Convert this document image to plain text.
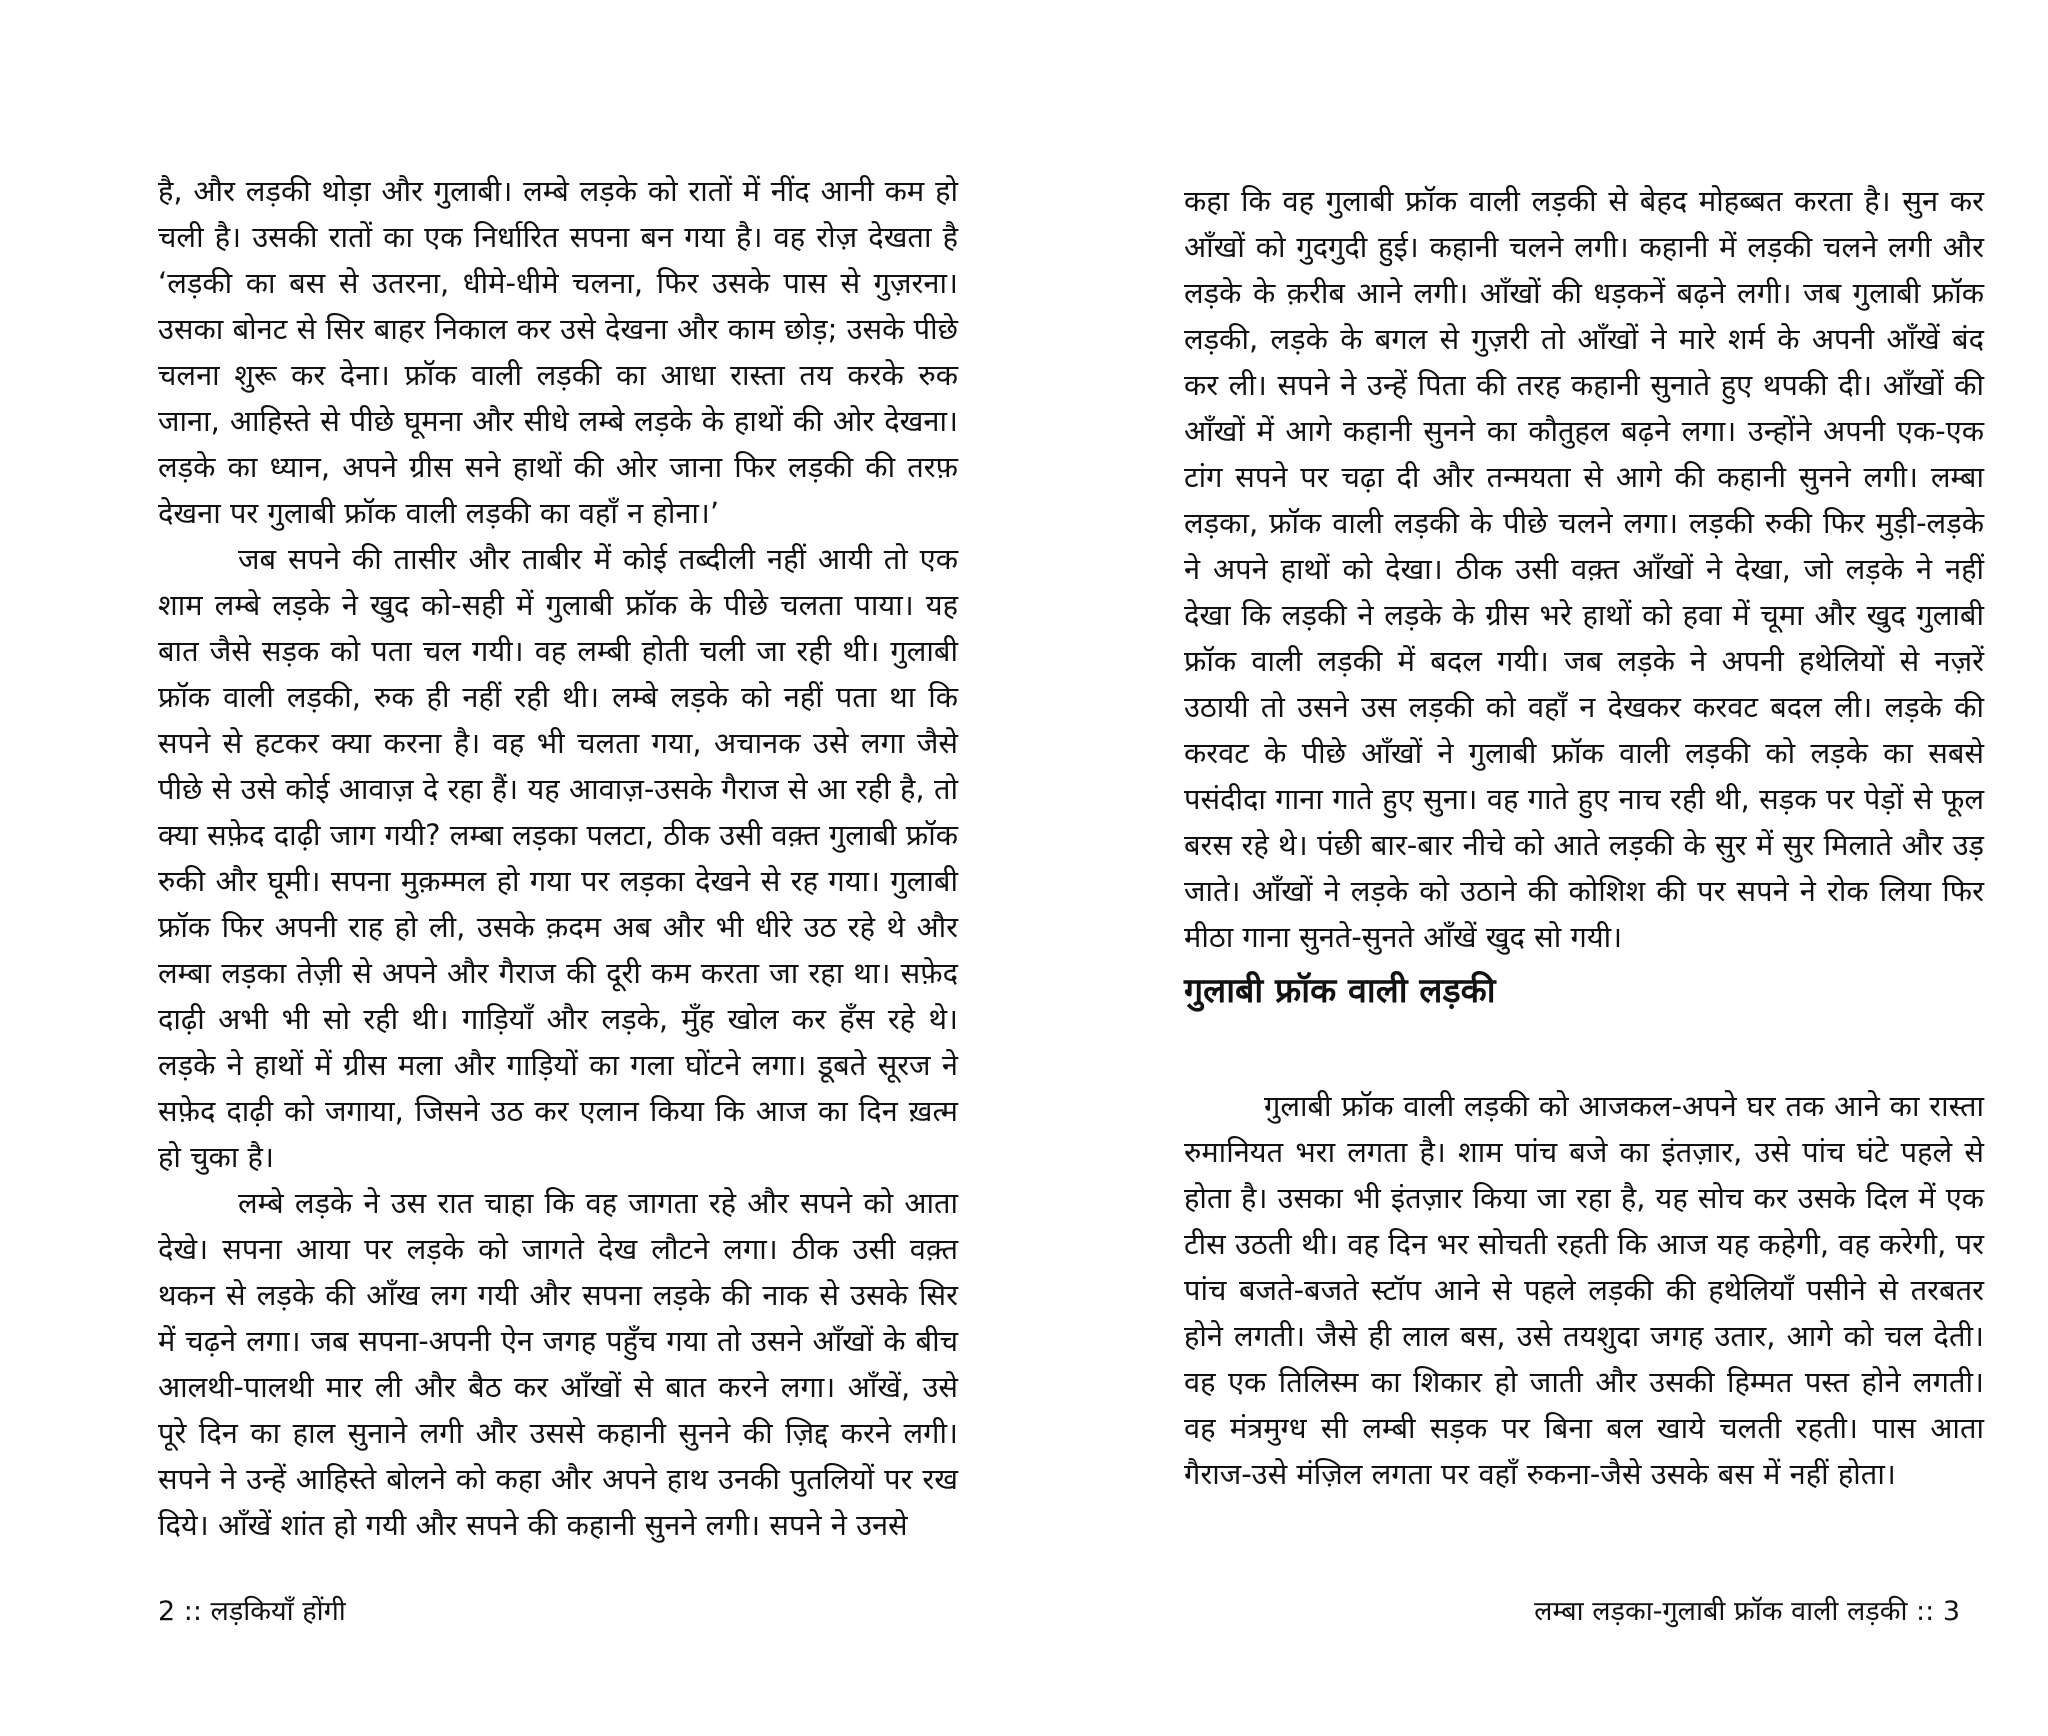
है, और लड़की थोड़ा और गुलाबी। लम्बे लड़के को रातों में नींद आनी कम हो चली है। उसकी रातों का एक निर्धारित सपना बन गया है। वह रोज़ देखता है ‘लड़की का बस से उतरना, धीमे-धीमे चलना, फिर उसके पास से गुज़रना। उसका बोनट से सिर बाहर निकाल कर उसे देखना और काम छोड़; उसके पीछे चलना शुरू कर देना। फ्रॉक वाली लड़की का आधा रास्ता तय करके रुक जाना, आहिस्ते से पीछे घूमना और सीधे लम्बे लड़के के हाथों की ओर देखना। लड़के का ध्यान, अपने ग्रीस सने हाथों की ओर जाना फिर लड़की की तरफ़ देखना पर गुलाबी फ्रॉक वाली लड़की का वहाँ न होना।’

जब सपने की तासीर और ताबीर में कोई तब्दीली नहीं आयी तो एक शाम लम्बे लड़के ने खुद को-सही में गुलाबी फ्रॉक के पीछे चलता पाया। यह बात जैसे सड़क को पता चल गयी। वह लम्बी होती चली जा रही थी। गुलाबी फ्रॉक वाली लड़की, रुक ही नहीं रही थी। लम्बे लड़के को नहीं पता था कि सपने से हटकर क्या करना है। वह भी चलता गया, अचानक उसे लगा जैसे पीछे से उसे कोई आवाज़ दे रहा हैं। यह आवाज़-उसके गैराज से आ रही है, तो क्या सफ़ेद दाढ़ी जाग गयी? लम्बा लड़का पलटा, ठीक उसी वक़्त गुलाबी फ्रॉक रुकी और घूमी। सपना मुक़म्मल हो गया पर लड़का देखने से रह गया। गुलाबी फ्रॉक फिर अपनी राह हो ली, उसके क़दम अब और भी धीरे उठ रहे थे और लम्बा लड़का तेज़ी से अपने और गैराज की दूरी कम करता जा रहा था। सफ़ेद दाढ़ी अभी भी सो रही थी। गाड़ियाँ और लड़के, मुँह खोल कर हँस रहे थे। लड़के ने हाथों में ग्रीस मला और गाड़ियों का गला घोंटने लगा। डूबते सूरज ने सफ़ेद दाढ़ी को जगाया, जिसने उठ कर एलान किया कि आज का दिन ख़त्म हो चुका है।

लम्बे लड़के ने उस रात चाहा कि वह जागता रहे और सपने को आता देखे। सपना आया पर लड़के को जागते देख लौटने लगा। ठीक उसी वक़्त थकन से लड़के की आँख लग गयी और सपना लड़के की नाक से उसके सिर में चढ़ने लगा। जब सपना-अपनी ऐन जगह पहुँच गया तो उसने आँखों के बीच आलथी-पालथी मार ली और बैठ कर आँखों से बात करने लगा। आँखें, उसे पूरे दिन का हाल सुनाने लगी और उससे कहानी सुनने की ज़िद्द करने लगी। सपने ने उन्हें आहिस्ते बोलने को कहा और अपने हाथ उनकी पुतलियों पर रख दिये। आँखें शांत हो गयी और सपने की कहानी सुनने लगी। सपने ने उनसे

2 :: लड़कियाँ होंगी

कहा कि वह गुलाबी फ्रॉक वाली लड़की से बेहद मोहब्बत करता है। सुन कर आँखों को गुदगुदी हुई। कहानी चलने लगी। कहानी में लड़की चलने लगी और लड़के के क़रीब आने लगी। आँखों की धड़कनें बढ़ने लगी। जब गुलाबी फ्रॉक लड़की, लड़के के बगल से गुज़री तो आँखों ने मारे शर्म के अपनी आँखें बंद कर ली। सपने ने उन्हें पिता की तरह कहानी सुनाते हुए थपकी दी। आँखों की आँखों में आगे कहानी सुनने का कौतुहल बढ़ने लगा। उन्होंने अपनी एक-एक टांग सपने पर चढ़ा दी और तन्मयता से आगे की कहानी सुनने लगी। लम्बा लड़का, फ्रॉक वाली लड़की के पीछे चलने लगा। लड़की रुकी फिर मुड़ी-लड़के ने अपने हाथों को देखा। ठीक उसी वक़्त आँखों ने देखा, जो लड़के ने नहीं देखा कि लड़की ने लड़के के ग्रीस भरे हाथों को हवा में चूमा और खुद गुलाबी फ्रॉक वाली लड़की में बदल गयी। जब लड़के ने अपनी हथेलियों से नज़रें उठायी तो उसने उस लड़की को वहाँ न देखकर करवट बदल ली। लड़के की करवट के पीछे आँखों ने गुलाबी फ्रॉक वाली लड़की को लड़के का सबसे पसंदीदा गाना गाते हुए सुना। वह गाते हुए नाच रही थी, सड़क पर पेड़ों से फूल बरस रहे थे। पंछी बार-बार नीचे को आते लड़की के सुर में सुर मिलाते और उड़ जाते। आँखों ने लड़के को उठाने की कोशिश की पर सपने ने रोक लिया फिर मीठा गाना सुनते-सुनते आँखें खुद सो गयी।

गुलाबी फ्रॉक वाली लड़की

गुलाबी फ्रॉक वाली लड़की को आजकल-अपने घर तक आने का रास्ता रुमानियत भरा लगता है। शाम पांच बजे का इंतज़ार, उसे पांच घंटे पहले से होता है। उसका भी इंतज़ार किया जा रहा है, यह सोच कर उसके दिल में एक टीस उठती थी। वह दिन भर सोचती रहती कि आज यह कहेगी, वह करेगी, पर पांच बजते-बजते स्टॉप आने से पहले लड़की की हथेलियाँ पसीने से तरबतर होने लगती। जैसे ही लाल बस, उसे तयशुदा जगह उतार, आगे को चल देती। वह एक तिलिस्म का शिकार हो जाती और उसकी हिम्मत पस्त होने लगती। वह मंत्रमुग्ध सी लम्बी सड़क पर बिना बल खाये चलती रहती। पास आता गैराज-उसे मंज़िल लगता पर वहाँ रुकना-जैसे उसके बस में नहीं होता।

लम्बा लड़का-गुलाबी फ्रॉक वाली लड़की :: 3
